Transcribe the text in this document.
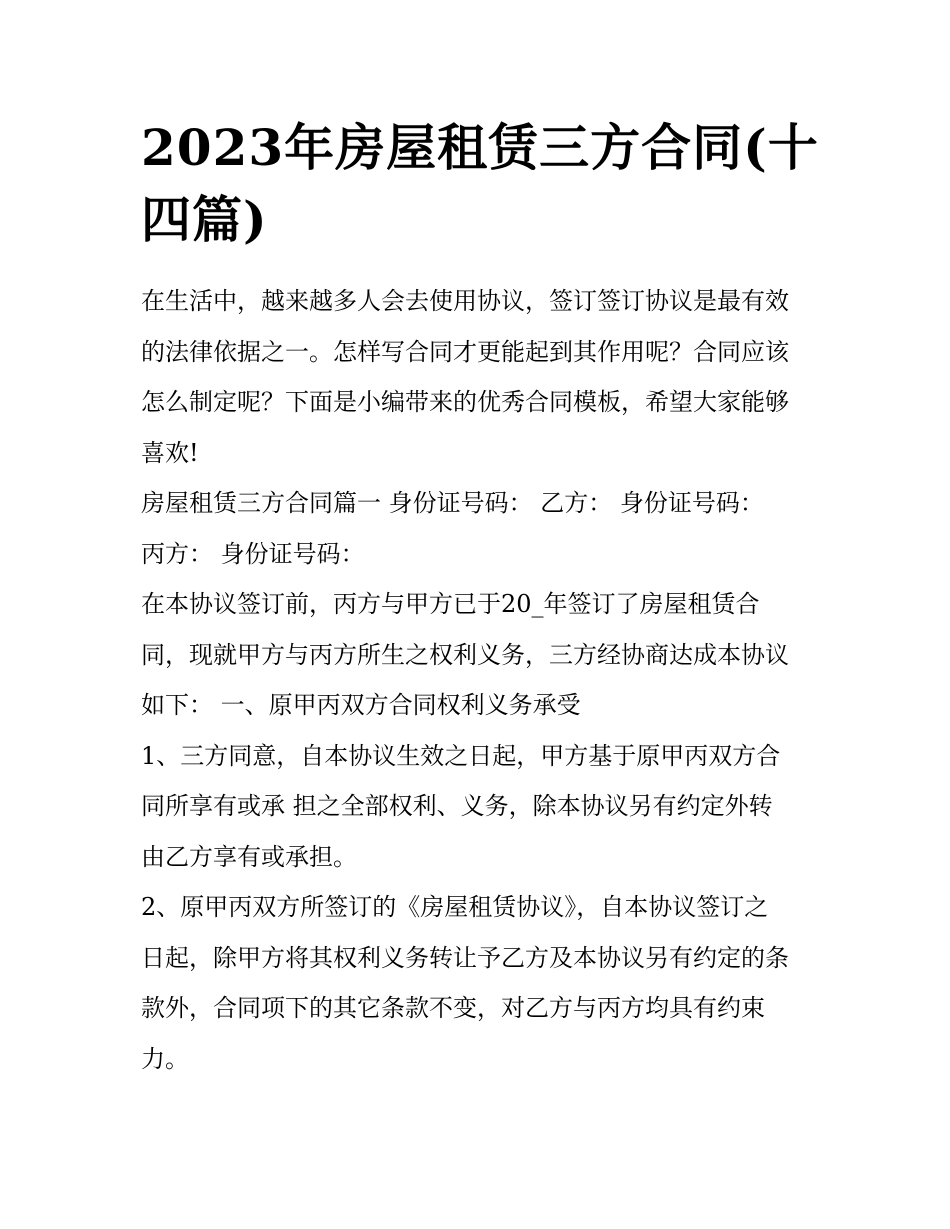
2023年房屋租赁三方合同(十
四篇)
在生活中，越来越多人会去使用协议，签订签订协议是最有效
的法律依据之一。怎样写合同才更能起到其作用呢？合同应该
怎么制定呢？下面是小编带来的优秀合同模板，希望大家能够
喜欢!
房屋租赁三方合同篇一 身份证号码： 乙方： 身份证号码：
丙方： 身份证号码：
在本协议签订前，丙方与甲方已于20_年签订了房屋租赁合
同，现就甲方与丙方所生之权利义务，三方经协商达成本协议
如下： 一、原甲丙双方合同权利义务承受
1、三方同意，自本协议生效之日起，甲方基于原甲丙双方合
同所享有或承 担之全部权利、义务，除本协议另有约定外转
由乙方享有或承担。
2、原甲丙双方所签订的《房屋租赁协议》，自本协议签订之
日起，除甲方将其权利义务转让予乙方及本协议另有约定的条
款外，合同项下的其它条款不变，对乙方与丙方均具有约束
力。
